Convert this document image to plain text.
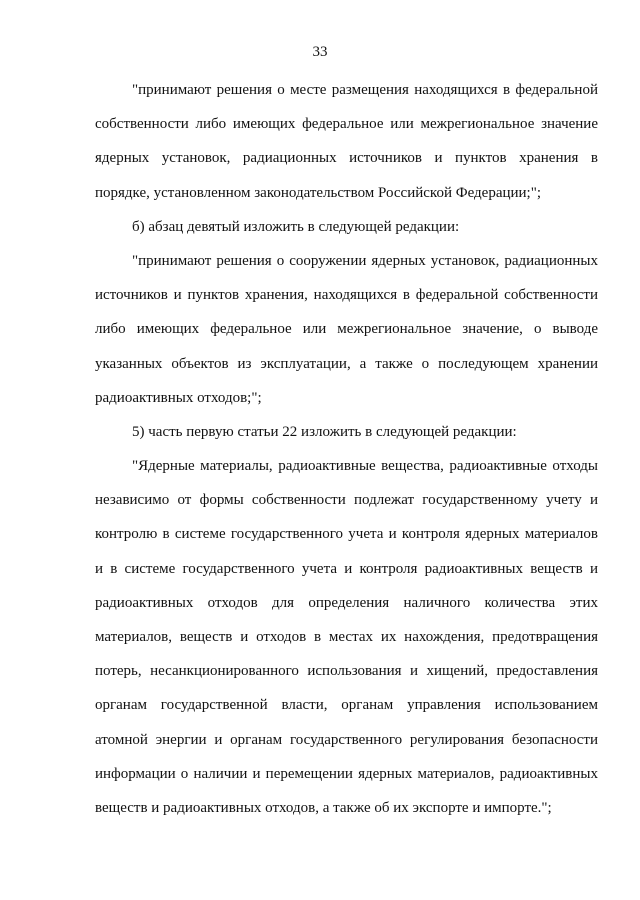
33
"принимают решения о месте размещения находящихся в федеральной
собственности либо имеющих федеральное или межрегиональное значение
ядерных установок, радиационных источников и пунктов хранения в
порядке, установленном законодательством Российской Федерации;";
б) абзац девятый изложить в следующей редакции:
"принимают решения о сооружении ядерных установок, радиационных
источников и пунктов хранения, находящихся в федеральной собственности
либо имеющих федеральное или межрегиональное значение, о выводе
указанных объектов из эксплуатации, а также о последующем хранении
радиоактивных отходов;";
5) часть первую статьи 22 изложить в следующей редакции:
"Ядерные материалы, радиоактивные вещества, радиоактивные отходы
независимо от формы собственности подлежат государственному учету и
контролю в системе государственного учета и контроля ядерных материалов
и в системе государственного учета и контроля радиоактивных веществ и
радиоактивных отходов для определения наличного количества этих
материалов, веществ и отходов в местах их нахождения, предотвращения
потерь, несанкционированного использования и хищений, предоставления
органам государственной власти, органам управления использованием
атомной энергии и органам государственного регулирования безопасности
информации о наличии и перемещении ядерных материалов, радиоактивных
веществ и радиоактивных отходов, а также об их экспорте и импорте.";
